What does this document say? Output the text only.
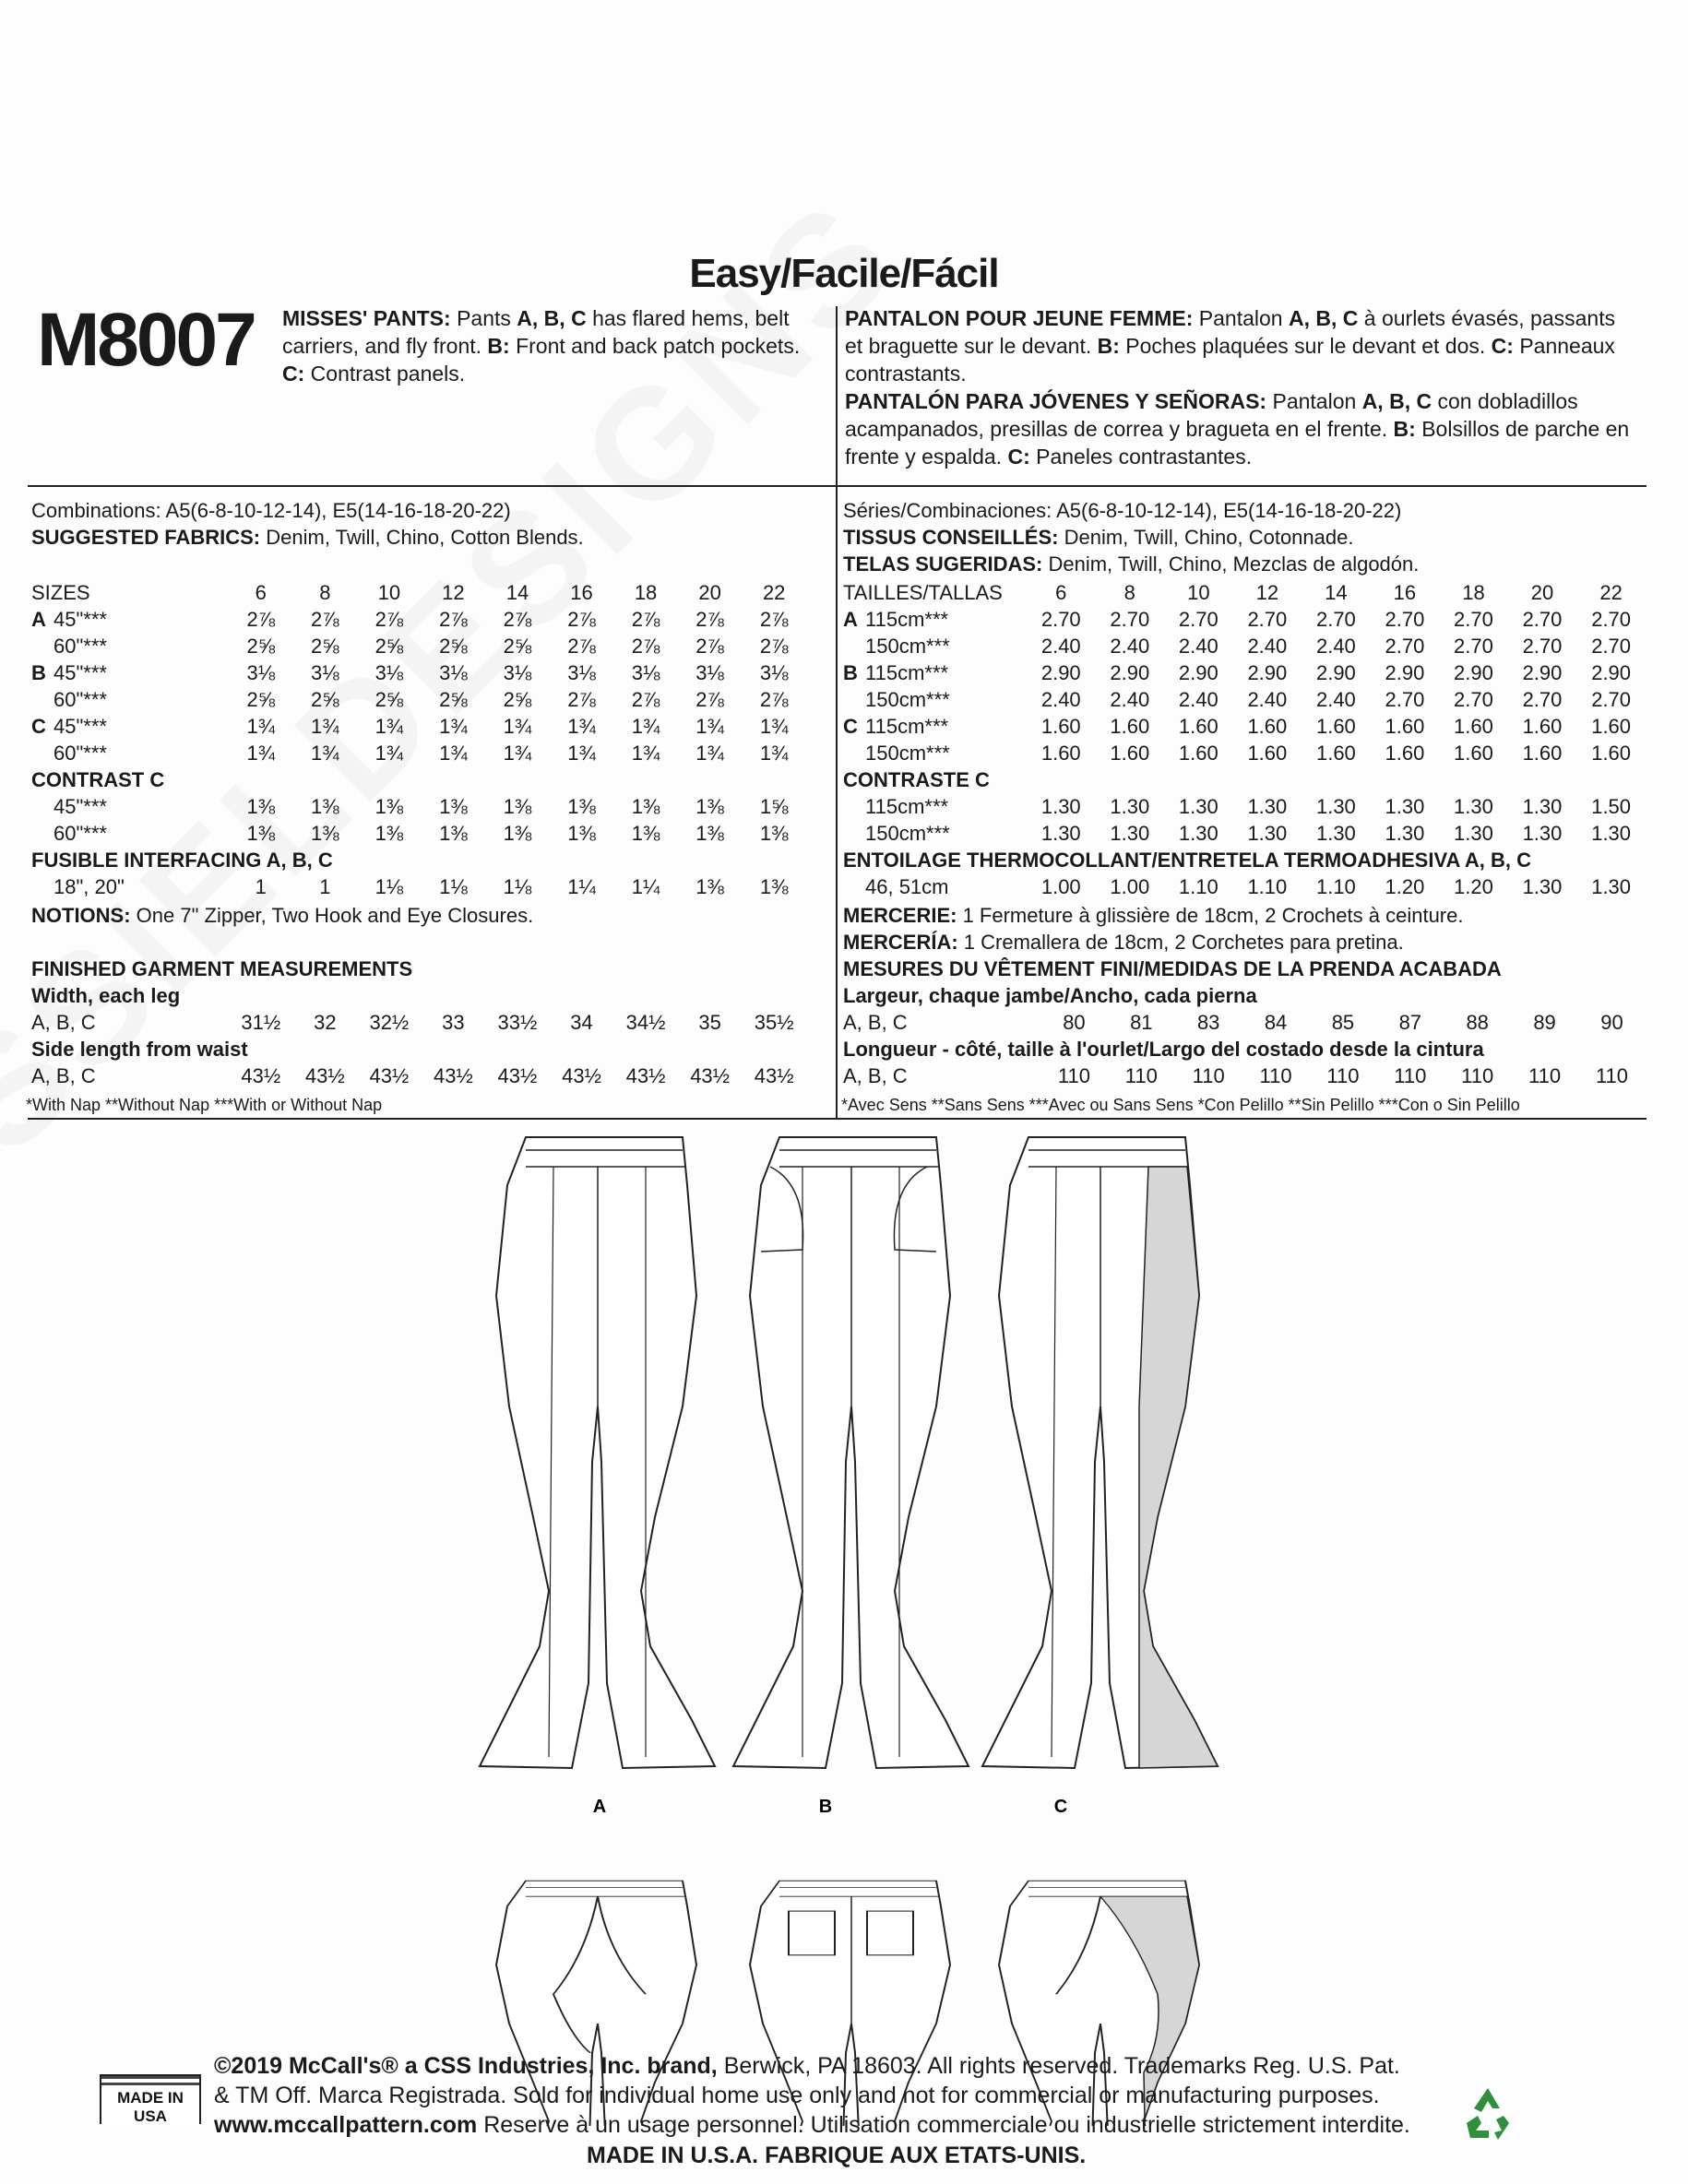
Easy/Facile/Fácil
M8007 MISSES' PANTS: Pants A, B, C has flared hems, belt carriers, and fly front. B: Front and back patch pockets. C: Contrast panels.
PANTALON POUR JEUNE FEMME: Pantalon A, B, C à ourlets évasés, passants et braguette sur le devant. B: Poches plaquées sur le devant et dos. C: Panneaux contrastants.
PANTALÓN PARA JÓVENES Y SEÑORAS: Pantalon A, B, C con dobladillos acampanados, presillas de correa y bragueta en el frente. B: Bolsillos de parche en frente y espalda. C: Paneles contrastantes.
Combinations: A5(6-8-10-12-14), E5(14-16-18-20-22)
SUGGESTED FABRICS: Denim, Twill, Chino, Cotton Blends.
SIZES		6	8	10	12	14	16	18	20	22
A	45"***	2⅞	2⅞	2⅞	2⅞	2⅞	2⅞	2⅞	2⅞	2⅞
	60"***	2⅝	2⅝	2⅝	2⅝	2⅝	2⅞	2⅞	2⅞	2⅞
B	45"***	3⅛	3⅛	3⅛	3⅛	3⅛	3⅛	3⅛	3⅛	3⅛
	60"***	2⅝	2⅝	2⅝	2⅝	2⅝	2⅞	2⅞	2⅞	2⅞
C	45"***	1¾	1¾	1¾	1¾	1¾	1¾	1¾	1¾	1¾
	60"***	1¾	1¾	1¾	1¾	1¾	1¾	1¾	1¾	1¾
CONTRAST C										
	45"***	1⅜	1⅜	1⅜	1⅜	1⅜	1⅜	1⅜	1⅜	1⅝
	60"***	1⅜	1⅜	1⅜	1⅜	1⅜	1⅜	1⅜	1⅜	1⅜
FUSIBLE INTERFACING A, B, C										
	18", 20"	1	1	1⅛	1⅛	1⅛	1¼	1¼	1⅜	1⅜
NOTIONS: One 7" Zipper, Two Hook and Eye Closures.
FINISHED GARMENT MEASUREMENTS									
Width, each leg									
A, B, C	31½	32	32½	33	33½	34	34½	35	35½
Side length from waist									
A, B, C	43½	43½	43½	43½	43½	43½	43½	43½	43½
*With Nap **Without Nap ***With or Without Nap
Séries/Combinaciones: A5(6-8-10-12-14), E5(14-16-18-20-22)
TISSUS CONSEILLÉS: Denim, Twill, Chino, Cotonnade.
TELAS SUGERIDAS: Denim, Twill, Chino, Mezclas de algodón.
TAILLES/TALLAS		6	8	10	12	14	16	18	20	22
A	115cm***	2.70	2.70	2.70	2.70	2.70	2.70	2.70	2.70	2.70
	150cm***	2.40	2.40	2.40	2.40	2.40	2.70	2.70	2.70	2.70
B	115cm***	2.90	2.90	2.90	2.90	2.90	2.90	2.90	2.90	2.90
	150cm***	2.40	2.40	2.40	2.40	2.40	2.70	2.70	2.70	2.70
C	115cm***	1.60	1.60	1.60	1.60	1.60	1.60	1.60	1.60	1.60
	150cm***	1.60	1.60	1.60	1.60	1.60	1.60	1.60	1.60	1.60
CONTRASTE C										
	115cm***	1.30	1.30	1.30	1.30	1.30	1.30	1.30	1.30	1.50
	150cm***	1.30	1.30	1.30	1.30	1.30	1.30	1.30	1.30	1.30
ENTOILAGE THERMOCOLLANT/ENTRETELA TERMOADHESIVA A, B, C										
	46, 51cm	1.00	1.00	1.10	1.10	1.10	1.20	1.20	1.30	1.30
MERCERIE: 1 Fermeture à glissière de 18cm, 2 Crochets à ceinture.
MERCERÍA: 1 Cremallera de 18cm, 2 Corchetes para pretina.
MESURES DU VÊTEMENT FINI/MEDIDAS DE LA PRENDA ACABADA									
Largeur, chaque jambe/Ancho, cada pierna									
A, B, C	80	81	83	84	85	87	88	89	90
Longueur - côté, taille à l'ourlet/Largo del costado desde la cintura									
A, B, C	110	110	110	110	110	110	110	110	110
*Avec Sens **Sans Sens ***Avec ou Sans Sens *Con Pelillo **Sin Pelillo ***Con o Sin Pelillo
A	B	C
MADE IN USA
©2019 McCall's® a CSS Industries, Inc. brand, Berwick, PA 18603. All rights reserved. Trademarks Reg. U.S. Pat.
& TM Off. Marca Registrada. Sold for individual home use only and not for commercial or manufacturing purposes.
www.mccallpattern.com Reserve à un usage personnel. Utilisation commerciale ou industrielle strictement interdite.
MADE IN U.S.A. FABRIQUE AUX ETATS-UNIS.
